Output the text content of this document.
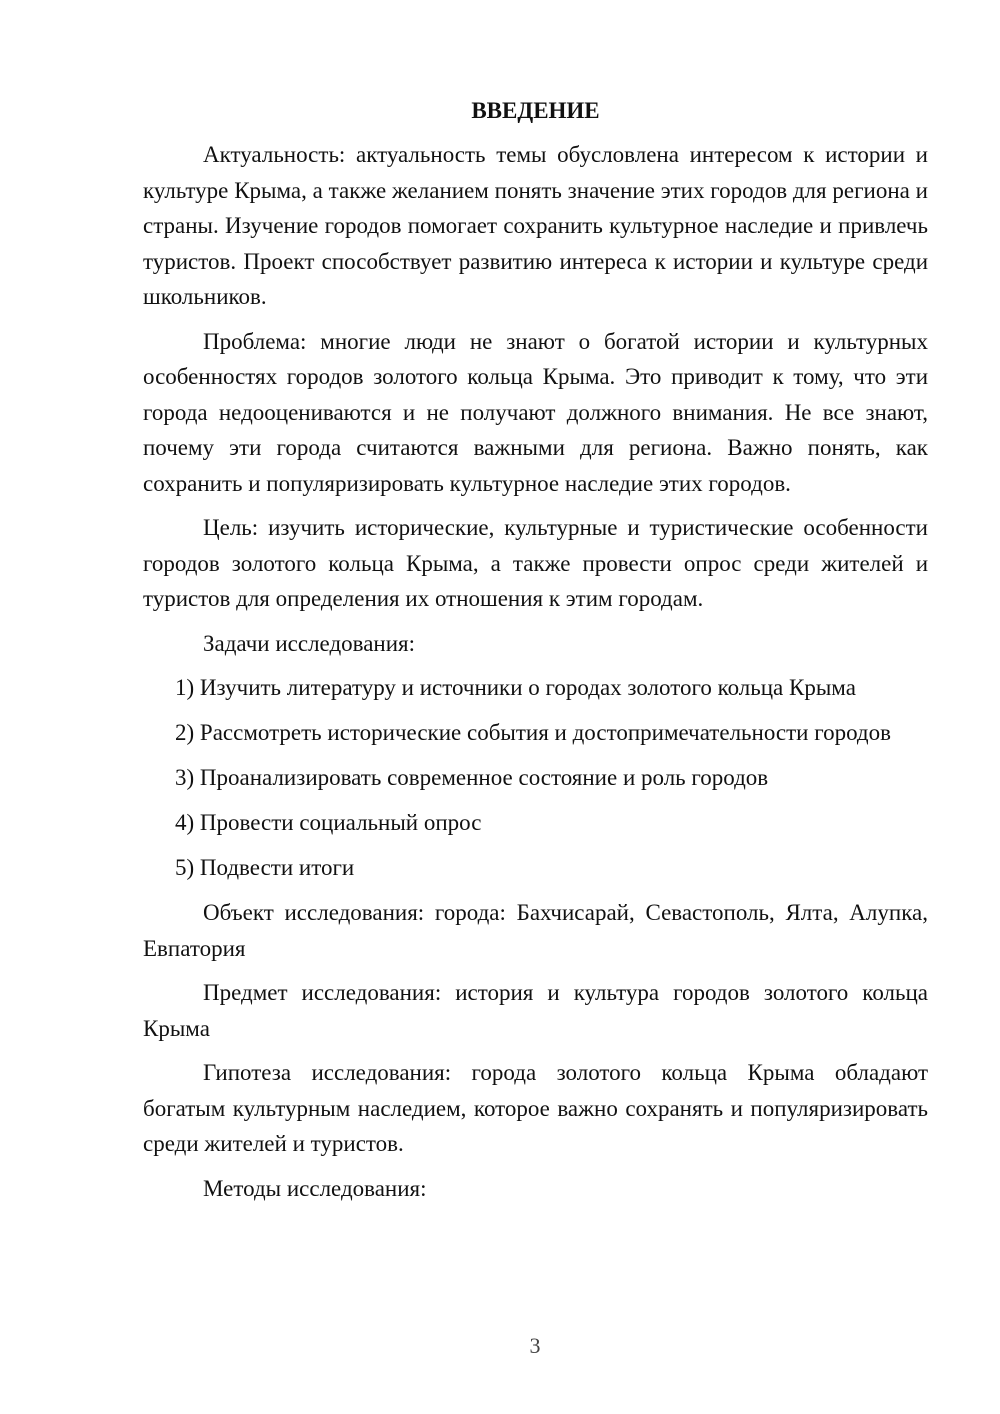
ВВЕДЕНИЕ

Актуальность: актуальность темы обусловлена интересом к истории и культуре Крыма, а также желанием понять значение этих городов для региона и страны. Изучение городов помогает сохранить культурное наследие и привлечь туристов. Проект способствует развитию интереса к истории и культуре среди школьников.

Проблема: многие люди не знают о богатой истории и культурных особенностях городов золотого кольца Крыма. Это приводит к тому, что эти города недооцениваются и не получают должного внимания. Не все знают, почему эти города считаются важными для региона. Важно понять, как сохранить и популяризировать культурное наследие этих городов.

Цель: изучить исторические, культурные и туристические особенности городов золотого кольца Крыма, а также провести опрос среди жителей и туристов для определения их отношения к этим городам.

Задачи исследования:

1) Изучить литературу и источники о городах золотого кольца Крыма

2) Рассмотреть исторические события и достопримечательности городов

3) Проанализировать современное состояние и роль городов

4) Провести социальный опрос

5) Подвести итоги

Объект исследования: города: Бахчисарай, Севастополь, Ялта, Алупка, Евпатория

Предмет исследования: история и культура городов золотого кольца Крыма

Гипотеза исследования: города золотого кольца Крыма обладают богатым культурным наследием, которое важно сохранять и популяризировать среди жителей и туристов.

Методы исследования:

3
